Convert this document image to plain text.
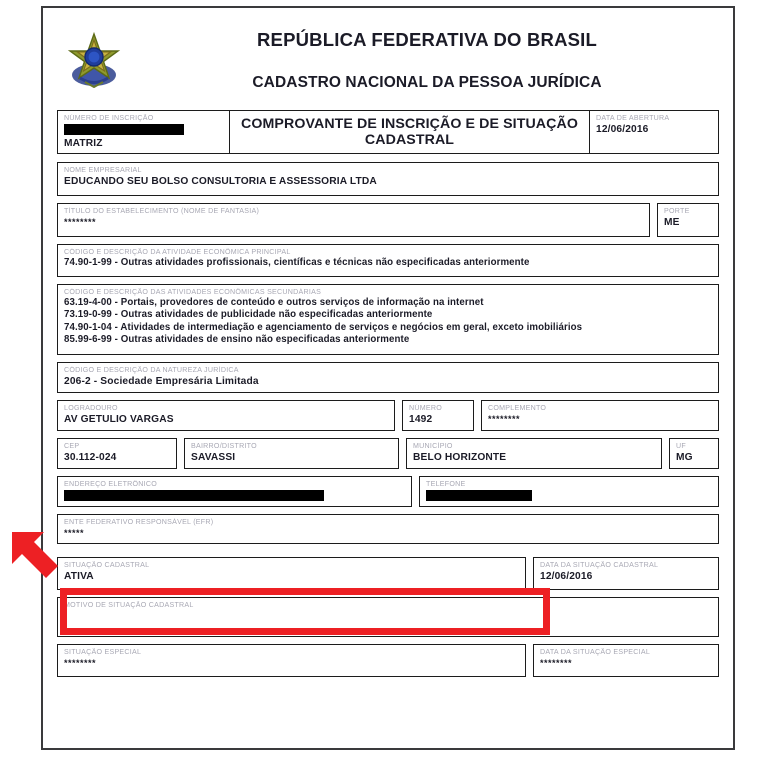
REPÚBLICA FEDERATIVA DO BRASIL
CADASTRO NACIONAL DA PESSOA JURÍDICA
NÚMERO DE INSCRIÇÃO
MATRIZ
COMPROVANTE DE INSCRIÇÃO E DE SITUAÇÃO CADASTRAL
DATA DE ABERTURA
12/06/2016
NOME EMPRESARIAL
EDUCANDO SEU BOLSO CONSULTORIA E ASSESSORIA LTDA
TÍTULO DO ESTABELECIMENTO (NOME DE FANTASIA)
********
PORTE
ME
CÓDIGO E DESCRIÇÃO DA ATIVIDADE ECONÔMICA PRINCIPAL
74.90-1-99 - Outras atividades profissionais, científicas e técnicas não especificadas anteriormente
CÓDIGO E DESCRIÇÃO DAS ATIVIDADES ECONÔMICAS SECUNDÁRIAS
63.19-4-00 - Portais, provedores de conteúdo e outros serviços de informação na internet
73.19-0-99 - Outras atividades de publicidade não especificadas anteriormente
74.90-1-04 - Atividades de intermediação e agenciamento de serviços e negócios em geral, exceto imobiliários
85.99-6-99 - Outras atividades de ensino não especificadas anteriormente
CÓDIGO E DESCRIÇÃO DA NATUREZA JURÍDICA
206-2 - Sociedade Empresária Limitada
LOGRADOURO
AV GETULIO VARGAS
NÚMERO
1492
COMPLEMENTO
********
CEP
30.112-024
BAIRRO/DISTRITO
SAVASSI
MUNICÍPIO
BELO HORIZONTE
UF
MG
ENDEREÇO ELETRÔNICO	TELEFONE
ENTE FEDERATIVO RESPONSÁVEL (EFR)
*****
SITUAÇÃO CADASTRAL
ATIVA
DATA DA SITUAÇÃO CADASTRAL
12/06/2016
MOTIVO DE SITUAÇÃO CADASTRAL
SITUAÇÃO ESPECIAL
********
DATA DA SITUAÇÃO ESPECIAL
********
